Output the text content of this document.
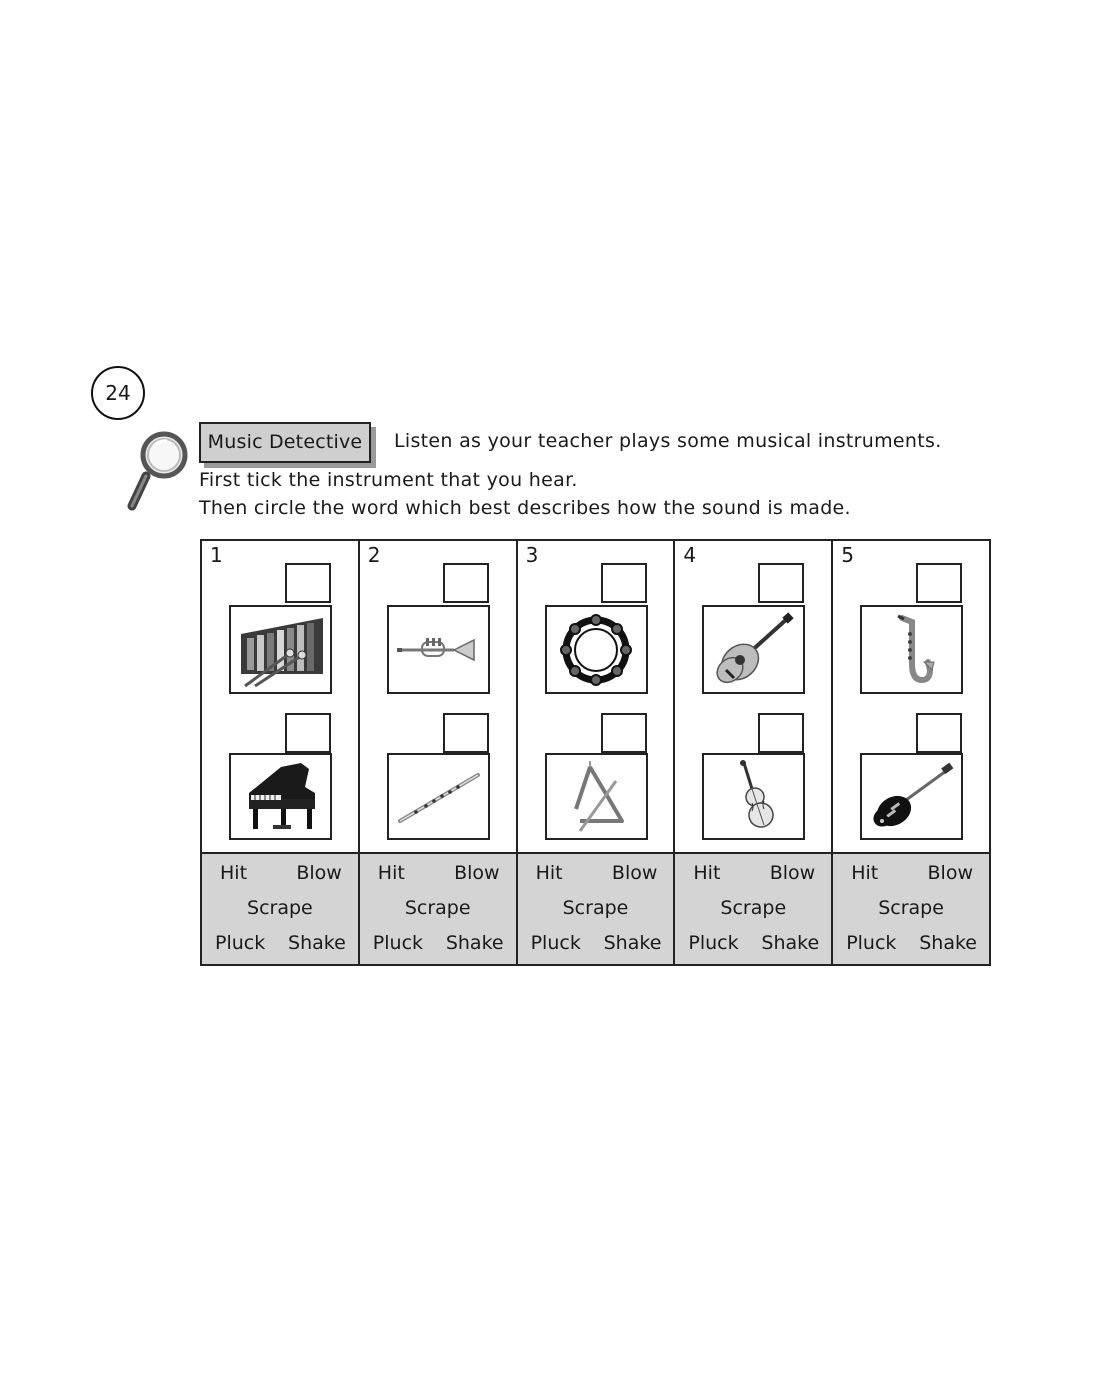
24
Music Detective	Listen as your teacher plays some musical instruments.
First tick the instrument that you hear.
Then circle the word which best describes how the sound is made.
1
Hit	Blow
Scrape
Pluck Shake
2
Hit	Blow
Scrape
Pluck Shake
3
Hit	Blow
Scrape
Pluck Shake
4
Hit	Blow
Scrape
Pluck Shake
5
Hit	Blow
Scrape
Pluck Shake
